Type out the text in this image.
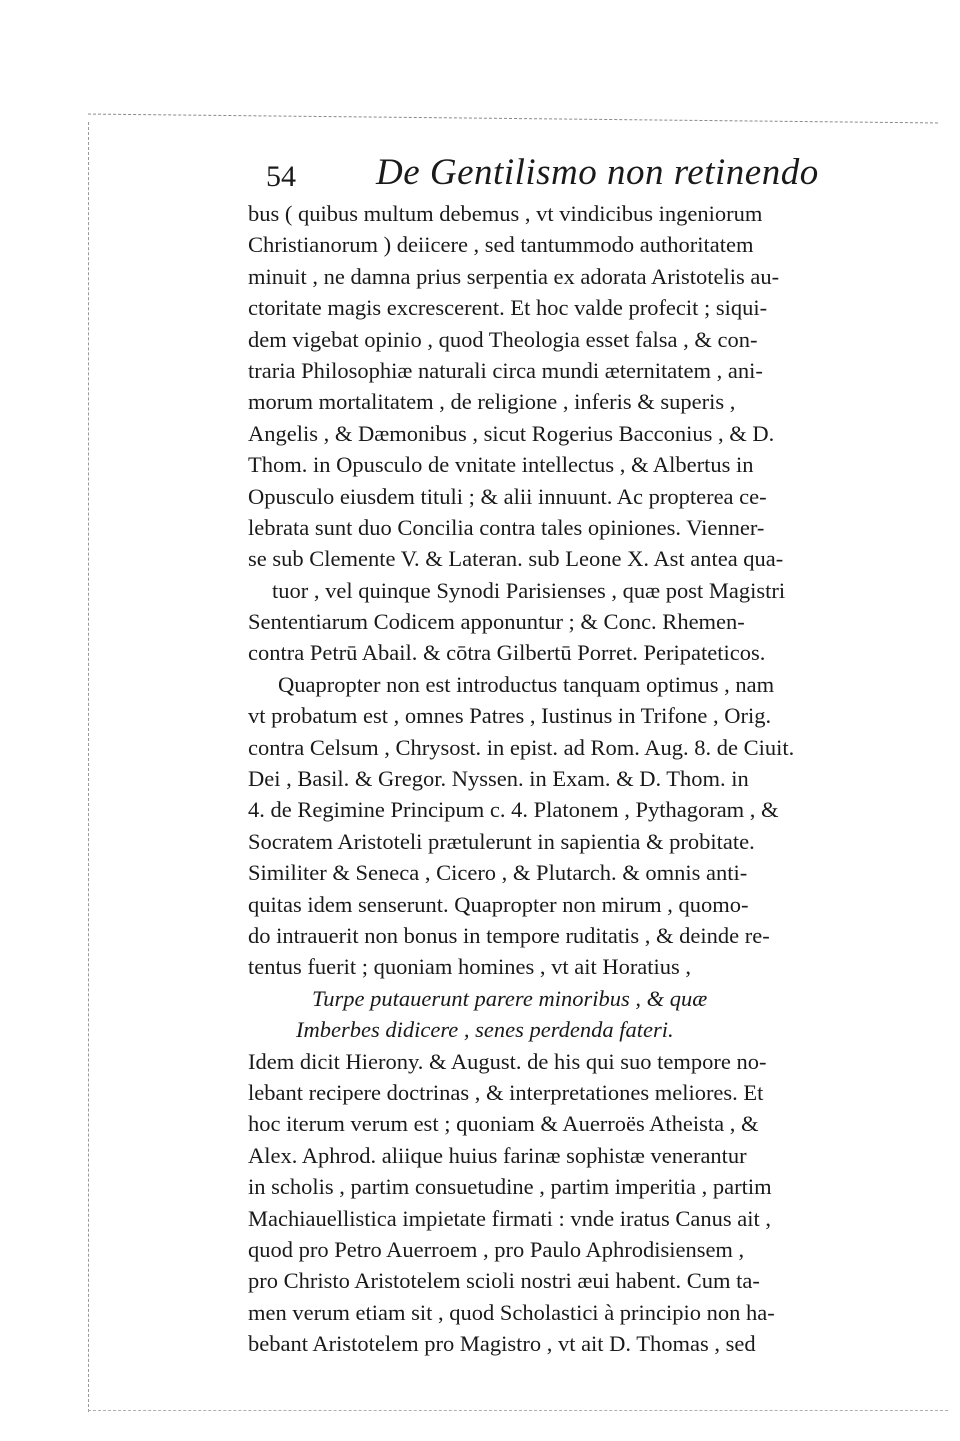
54 De Gentilismo non retinendo
bus ( quibus multum debemus , vt vindicibus ingeniorum
Christianorum ) deiicere , sed tantummodo authoritatem
minuit , ne damna prius serpentia ex adorata Aristotelis au-
ctoritate magis excrescerent. Et hoc valde profecit ; siqui-
dem vigebat opinio , quod Theologia esset falsa , & con-
traria Philosophiæ naturali circa mundi æternitatem , ani-
morum mortalitatem , de religione , inferis & superis ,
Angelis , & Dæmonibus , sicut Rogerius Bacconius , & D.
Thom. in Opusculo de vnitate intellectus , & Albertus in
Opusculo eiusdem tituli ; & alii innuunt. Ac propterea ce-
lebrata sunt duo Concilia contra tales opiniones. Vienner-
se sub Clemente V. & Lateran. sub Leone X. Ast antea qua-
tuor , vel quinque Synodi Parisienses , quæ post Magistri
Sententiarum Codicem apponuntur ; & Conc. Rhemen-
contra Petrū Abail. & cōtra Gilbertū Porret. Peripateticos.
Quapropter non est introductus tanquam optimus , nam
vt probatum est , omnes Patres , Iustinus in Trifone , Orig.
contra Celsum , Chrysost. in epist. ad Rom. Aug. 8. de Ciuit.
Dei , Basil. & Gregor. Nyssen. in Exam. & D. Thom. in
4. de Regimine Principum c. 4. Platonem , Pythagoram , &
Socratem Aristoteli prætulerunt in sapientia & probitate.
Similiter & Seneca , Cicero , & Plutarch. & omnis anti-
quitas idem senserunt. Quapropter non mirum , quomo-
do intrauerit non bonus in tempore ruditatis , & deinde re-
tentus fuerit ; quoniam homines , vt ait Horatius ,
Turpe putauerunt parere minoribus , & quæ
Imberbes didicere , senes perdenda fateri.
Idem dicit Hierony. & August. de his qui suo tempore no-
lebant recipere doctrinas , & interpretationes meliores. Et
hoc iterum verum est ; quoniam & Auerroës Atheista , &
Alex. Aphrod. aliique huius farinæ sophistæ venerantur
in scholis , partim consuetudine , partim imperitia , partim
Machiauellistica impietate firmati : vnde iratus Canus ait ,
quod pro Petro Auerroem , pro Paulo Aphrodisiensem ,
pro Christo Aristotelem scioli nostri æui habent. Cum ta-
men verum etiam sit , quod Scholastici à principio non ha-
bebant Aristotelem pro Magistro , vt ait D. Thomas , sed
